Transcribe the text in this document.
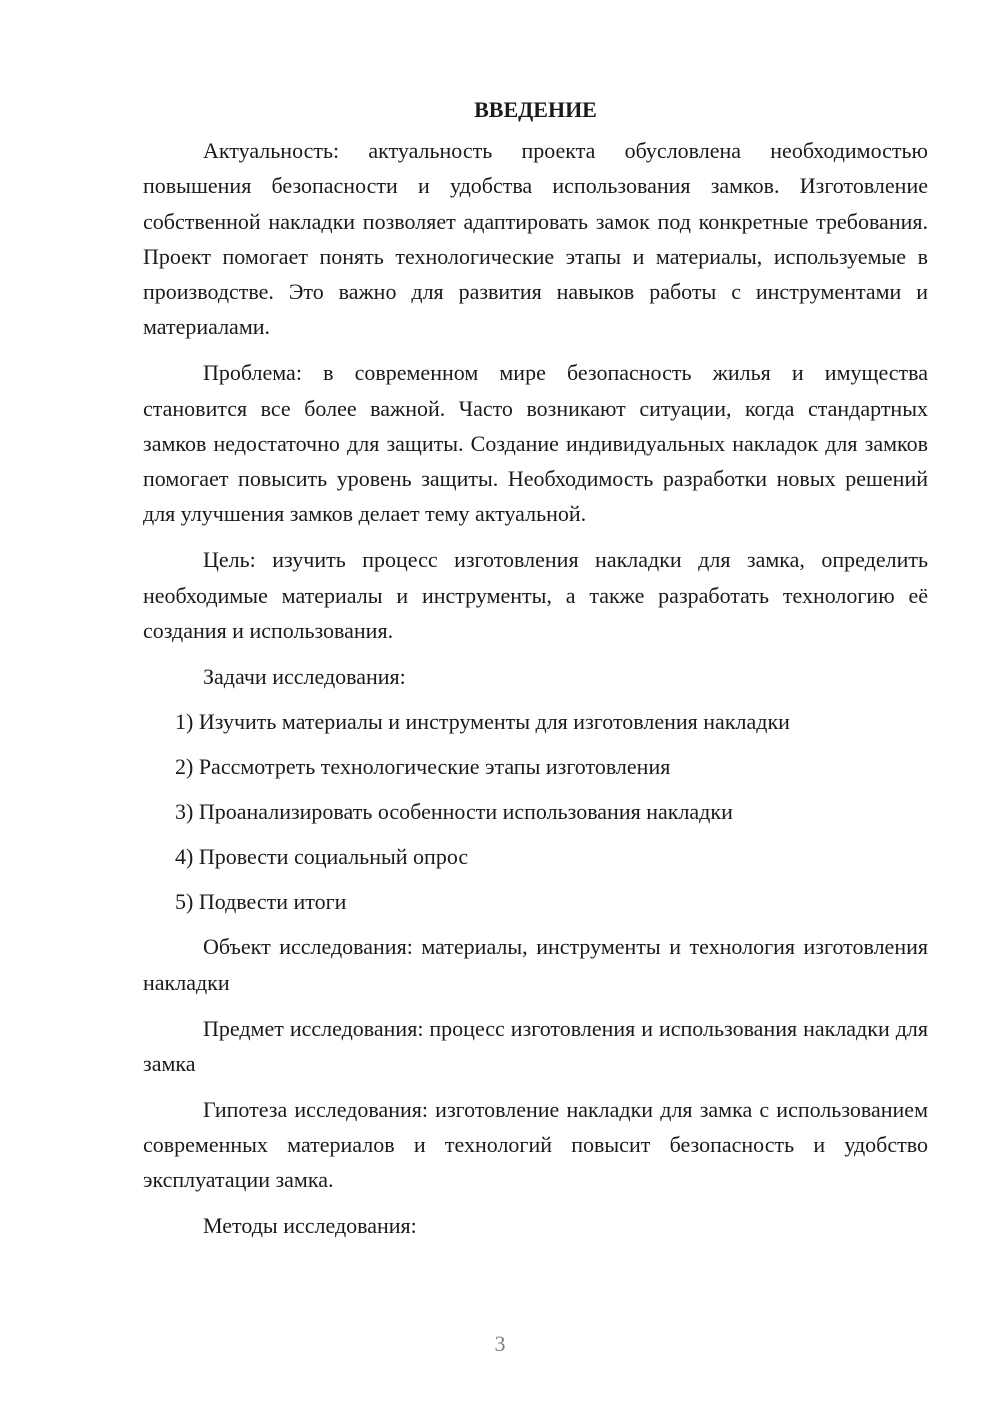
ВВЕДЕНИЕ

Актуальность: актуальность проекта обусловлена необходимостью повышения безопасности и удобства использования замков. Изготовление собственной накладки позволяет адаптировать замок под конкретные требования. Проект помогает понять технологические этапы и материалы, используемые в производстве. Это важно для развития навыков работы с инструментами и материалами.

Проблема: в современном мире безопасность жилья и имущества становится все более важной. Часто возникают ситуации, когда стандартных замков недостаточно для защиты. Создание индивидуальных накладок для замков помогает повысить уровень защиты. Необходимость разработки новых решений для улучшения замков делает тему актуальной.

Цель: изучить процесс изготовления накладки для замка, определить необходимые материалы и инструменты, а также разработать технологию её создания и использования.

Задачи исследования:

1) Изучить материалы и инструменты для изготовления накладки
2) Рассмотреть технологические этапы изготовления
3) Проанализировать особенности использования накладки
4) Провести социальный опрос
5) Подвести итоги

Объект исследования: материалы, инструменты и технология изготовления накладки

Предмет исследования: процесс изготовления и использования накладки для замка

Гипотеза исследования: изготовление накладки для замка с использованием современных материалов и технологий повысит безопасность и удобство эксплуатации замка.

Методы исследования:

3
